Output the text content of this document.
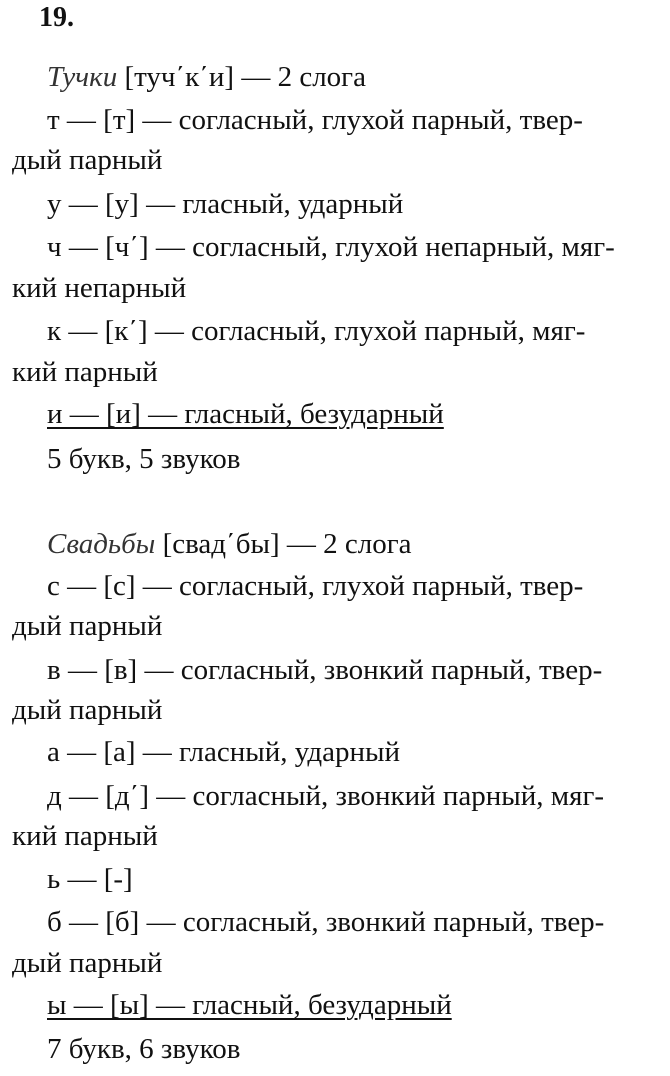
19.
Тучки [туч΄к΄и] — 2 слога
т — [т] — согласный, глухой парный, твер-
дый парный
у — [у] — гласный, ударный
ч — [ч΄] — согласный, глухой непарный, мяг-
кий непарный
к — [к΄] — согласный, глухой парный, мяг-
кий парный
и — [и] — гласный, безударный
5 букв, 5 звуков
Свадьбы [свад΄бы] — 2 слога
с — [с] — согласный, глухой парный, твер-
дый парный
в — [в] — согласный, звонкий парный, твер-
дый парный
а — [а] — гласный, ударный
д — [д΄] — согласный, звонкий парный, мяг-
кий парный
ь — [-]
б — [б] — согласный, звонкий парный, твер-
дый парный
ы — [ы] — гласный, безударный
7 букв, 6 звуков
